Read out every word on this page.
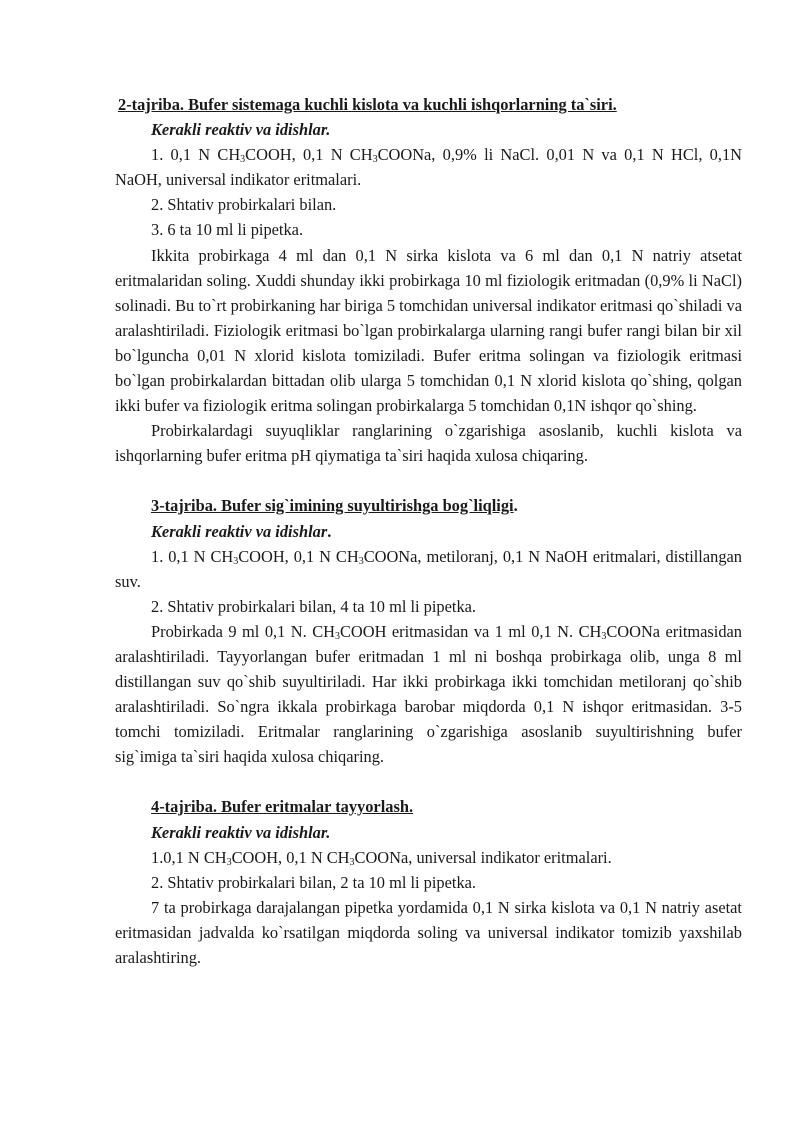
2-tajriba. Bufer sistemaga kuchli kislota va kuchli ishqorlarning ta`siri.

Kerakli reaktiv va idishlar.

1. 0,1 N $CH_3COOH$, 0,1 N $CH_3COONa$, 0,9% li NaCl. 0,01 N va 0,1 N HCl, 0,1N NaOH, universal indikator eritmalari.

2. Shtativ probirkalari bilan.

3. 6 ta 10 ml li pipetka.

Ikkita probirkaga 4 ml dan 0,1 N sirka kislota va 6 ml dan 0,1 N natriy atsetat eritmalaridan soling. Xuddi shunday ikki probirkaga 10 ml fiziologik eritmadan (0,9% li NaCl) solinadi. Bu to`rt probirkaning har biriga 5 tomchidan universal indikator eritmasi qo`shiladi va aralashtiriladi. Fiziologik eritmasi bo`lgan probirkalarga ularning rangi bufer rangi bilan bir xil bo`lguncha 0,01 N xlorid kislota tomiziladi. Bufer eritma solingan va fiziologik eritmasi bo`lgan probirkalardan bittadan olib ularga 5 tomchidan 0,1 N xlorid kislota qo`shing, qolgan ikki bufer va fiziologik eritma solingan probirkalarga 5 tomchidan 0,1N ishqor qo`shing.

Probirkalardagi suyuqliklar ranglarining o`zgarishiga asoslanib, kuchli kislota va ishqorlarning bufer eritma pH qiymatiga ta`siri haqida xulosa chiqaring.

3-tajriba. Bufer sig`imining suyultirishga bog`liqligi.

Kerakli reaktiv va idishlar.

1. 0,1 N $CH_3COOH$, 0,1 N $CH_3COONa$, metiloranj, 0,1 N NaOH eritmalari, distillangan suv.

2. Shtativ probirkalari bilan, 4 ta 10 ml li pipetka.

Probirkada 9 ml 0,1 N. $CH_3COOH$ eritmasidan va 1 ml 0,1 N. $CH_3COONa$ eritmasidan aralashtiriladi. Tayyorlangan bufer eritmadan 1 ml ni boshqa probirkaga olib, unga 8 ml distillangan suv qo`shib suyultiriladi. Har ikki probirkaga ikki tomchidan metiloranj qo`shib aralashtiriladi. So`ngra ikkala probirkaga barobar miqdorda 0,1 N ishqor eritmasidan. 3-5 tomchi tomiziladi. Eritmalar ranglarining o`zgarishiga asoslanib suyultirishning bufer sig`imiga ta`siri haqida xulosa chiqaring.

4-tajriba. Bufer eritmalar tayyorlash.

Kerakli reaktiv va idishlar.

1.0,1 N $CH_3COOH$, 0,1 N $CH_3COONa$, universal indikator eritmalari.

2. Shtativ probirkalari bilan, 2 ta 10 ml li pipetka.

7 ta probirkaga darajalangan pipetka yordamida 0,1 N sirka kislota va 0,1 N natriy asetat eritmasidan jadvalda ko`rsatilgan miqdorda soling va universal indikator tomizib yaxshilab aralashtiring.
